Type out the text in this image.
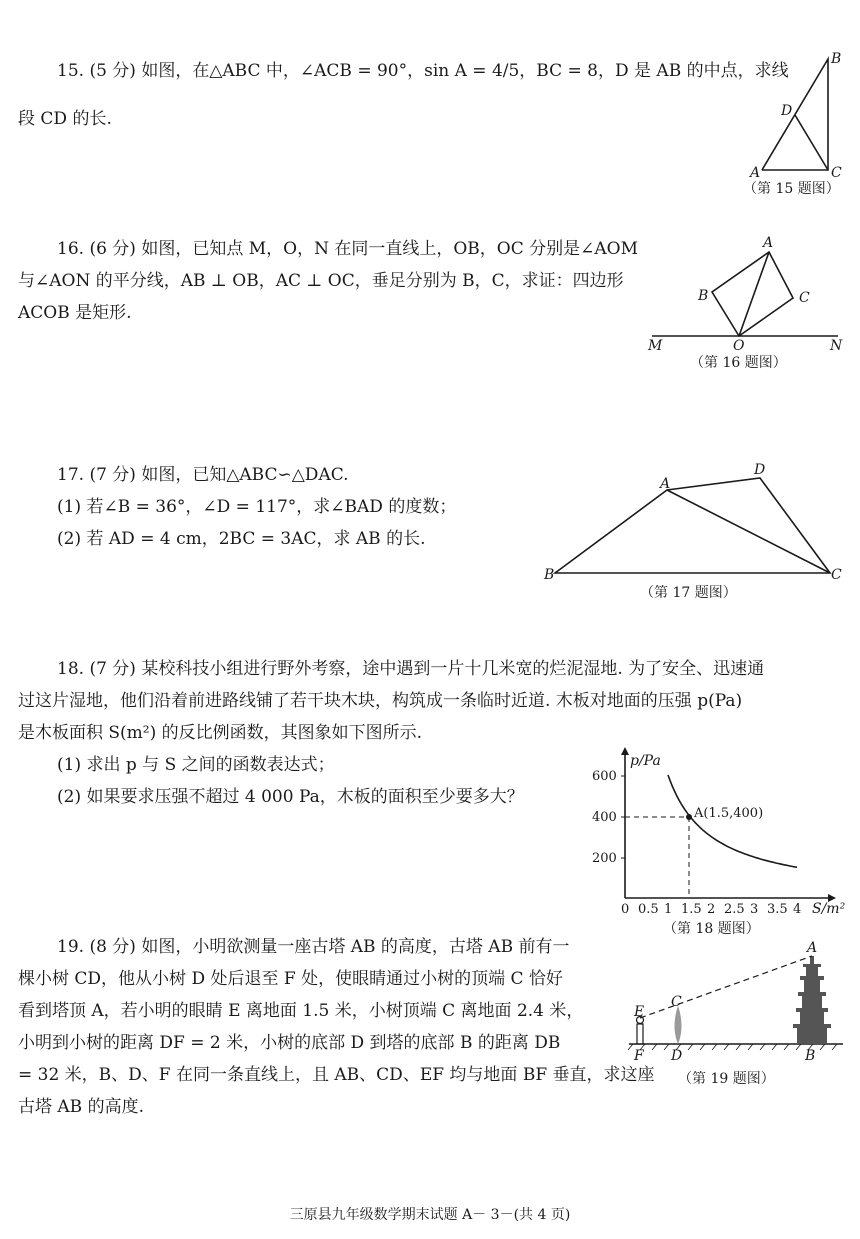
15. (5 分) 如图，在△ABC 中，∠ACB = 90°，sin A = 4/5，BC = 8，D 是 AB 的中点，求线
段 CD 的长.
A
B
C
D
（第 15 题图）
16. (6 分) 如图，已知点 M，O，N 在同一直线上，OB，OC 分别是∠AOM
与∠AON 的平分线，AB ⊥ OB，AC ⊥ OC，垂足分别为 B，C，求证：四边形
ACOB 是矩形.
A
B	C
O
M	N
（第 16 题图）
17. (7 分) 如图，已知△ABC∽△DAC.
(1) 若∠B = 36°，∠D = 117°，求∠BAD 的度数；
(2) 若 AD = 4 cm，2BC = 3AC，求 AB 的长.
A
B	C
D
（第 17 题图）
18. (7 分) 某校科技小组进行野外考察，途中遇到一片十几米宽的烂泥湿地. 为了安全、迅速通
过这片湿地，他们沿着前进路线铺了若干块木块，构筑成一条临时近道. 木板对地面的压强 p(Pa)
是木板面积 S(m²) 的反比例函数，其图象如下图所示.
(1) 求出 p 与 S 之间的函数表达式；
(2) 如果要求压强不超过 4 000 Pa，木板的面积至少要多大？
200
400
600
p/Pa
S/m²
0 0.5 1 1.5 2 2.5 3 3.5 4
A(1.5,400)
（第 18 题图）
19. (8 分) 如图，小明欲测量一座古塔 AB 的高度，古塔 AB 前有一
棵小树 CD，他从小树 D 处后退至 F 处，使眼睛通过小树的顶端 C 恰好
看到塔顶 A，若小明的眼睛 E 离地面 1.5 米，小树顶端 C 离地面 2.4 米，
小明到小树的距离 DF = 2 米，小树的底部 D 到塔的底部 B 的距离 DB
= 32 米，B、D、F 在同一条直线上，且 AB、CD、EF 均与地面 BF 垂直，求这座
古塔 AB 的高度.
A
B
C
D
E
F
（第 19 题图）
三原县九年级数学期末试题 A－ 3－(共 4 页)
